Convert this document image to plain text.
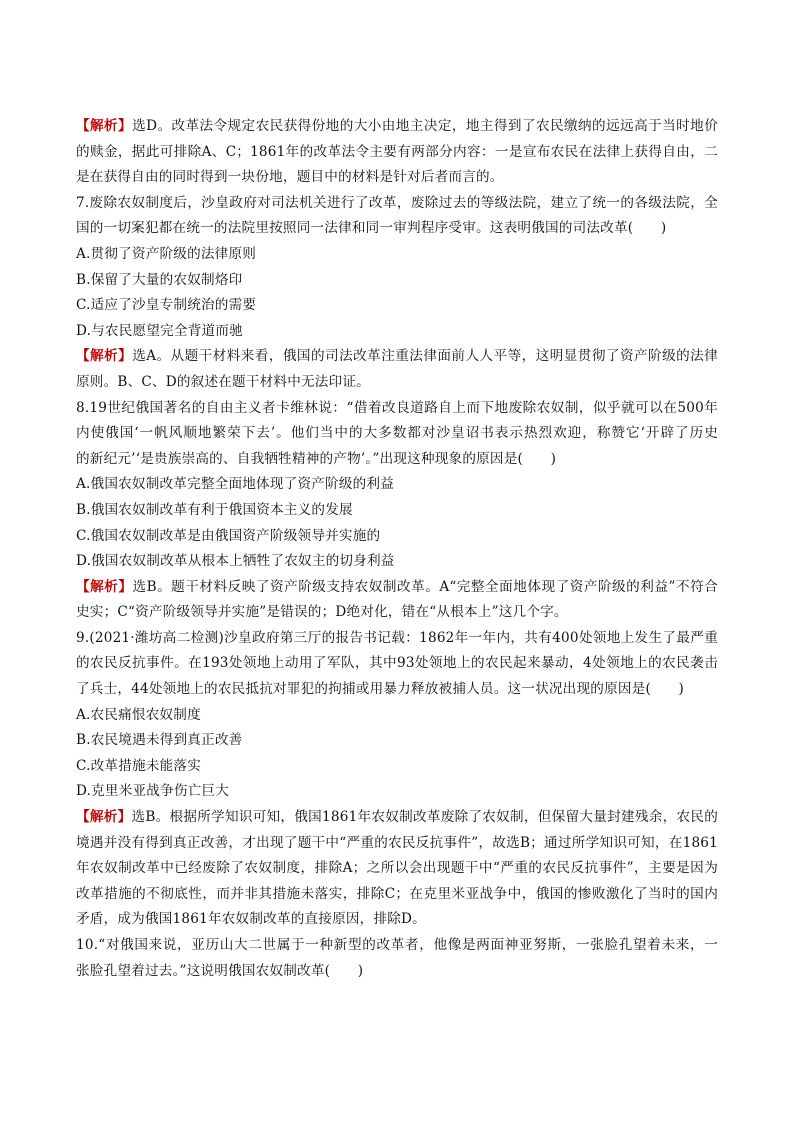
【解析】选D。改革法令规定农民获得份地的大小由地主决定，地主得到了农民缴纳的远远高于当时地价
的赎金，据此可排除A、C；1861年的改革法令主要有两部分内容：一是宣布农民在法律上获得自由，二
是在获得自由的同时得到一块份地，题目中的材料是针对后者而言的。
7.废除农奴制度后，沙皇政府对司法机关进行了改革，废除过去的等级法院，建立了统一的各级法院，全
国的一切案犯都在统一的法院里按照同一法律和同一审判程序受审。这表明俄国的司法改革(　　)
A.贯彻了资产阶级的法律原则
B.保留了大量的农奴制烙印
C.适应了沙皇专制统治的需要
D.与农民愿望完全背道而驰
【解析】选A。从题干材料来看，俄国的司法改革注重法律面前人人平等，这明显贯彻了资产阶级的法律
原则。B、C、D的叙述在题干材料中无法印证。
8.19世纪俄国著名的自由主义者卡维林说：“借着改良道路自上而下地废除农奴制，似乎就可以在500年
内使俄国‘一帆风顺地繁荣下去’。他们当中的大多数都对沙皇诏书表示热烈欢迎，称赞它‘开辟了历史
的新纪元’‘是贵族崇高的、自我牺牲精神的产物’。”出现这种现象的原因是(　　)
A.俄国农奴制改革完整全面地体现了资产阶级的利益
B.俄国农奴制改革有利于俄国资本主义的发展
C.俄国农奴制改革是由俄国资产阶级领导并实施的
D.俄国农奴制改革从根本上牺牲了农奴主的切身利益
【解析】选B。题干材料反映了资产阶级支持农奴制改革。A“完整全面地体现了资产阶级的利益”不符合
史实；C“资产阶级领导并实施”是错误的；D绝对化，错在“从根本上”这几个字。
9.(2021·潍坊高二检测)沙皇政府第三厅的报告书记载：1862年一年内，共有400处领地上发生了最严重
的农民反抗事件。在193处领地上动用了军队，其中93处领地上的农民起来暴动，4处领地上的农民袭击
了兵士，44处领地上的农民抵抗对罪犯的拘捕或用暴力释放被捕人员。这一状况出现的原因是(　　)
A.农民痛恨农奴制度
B.农民境遇未得到真正改善
C.改革措施未能落实
D.克里米亚战争伤亡巨大
【解析】选B。根据所学知识可知，俄国1861年农奴制改革废除了农奴制，但保留大量封建残余，农民的
境遇并没有得到真正改善，才出现了题干中“严重的农民反抗事件”，故选B；通过所学知识可知，在1861
年农奴制改革中已经废除了农奴制度，排除A；之所以会出现题干中“严重的农民反抗事件”，主要是因为
改革措施的不彻底性，而并非其措施未落实，排除C；在克里米亚战争中，俄国的惨败激化了当时的国内
矛盾，成为俄国1861年农奴制改革的直接原因，排除D。
10.“对俄国来说，亚历山大二世属于一种新型的改革者，他像是两面神亚努斯，一张脸孔望着未来，一
张脸孔望着过去。”这说明俄国农奴制改革(　　)
